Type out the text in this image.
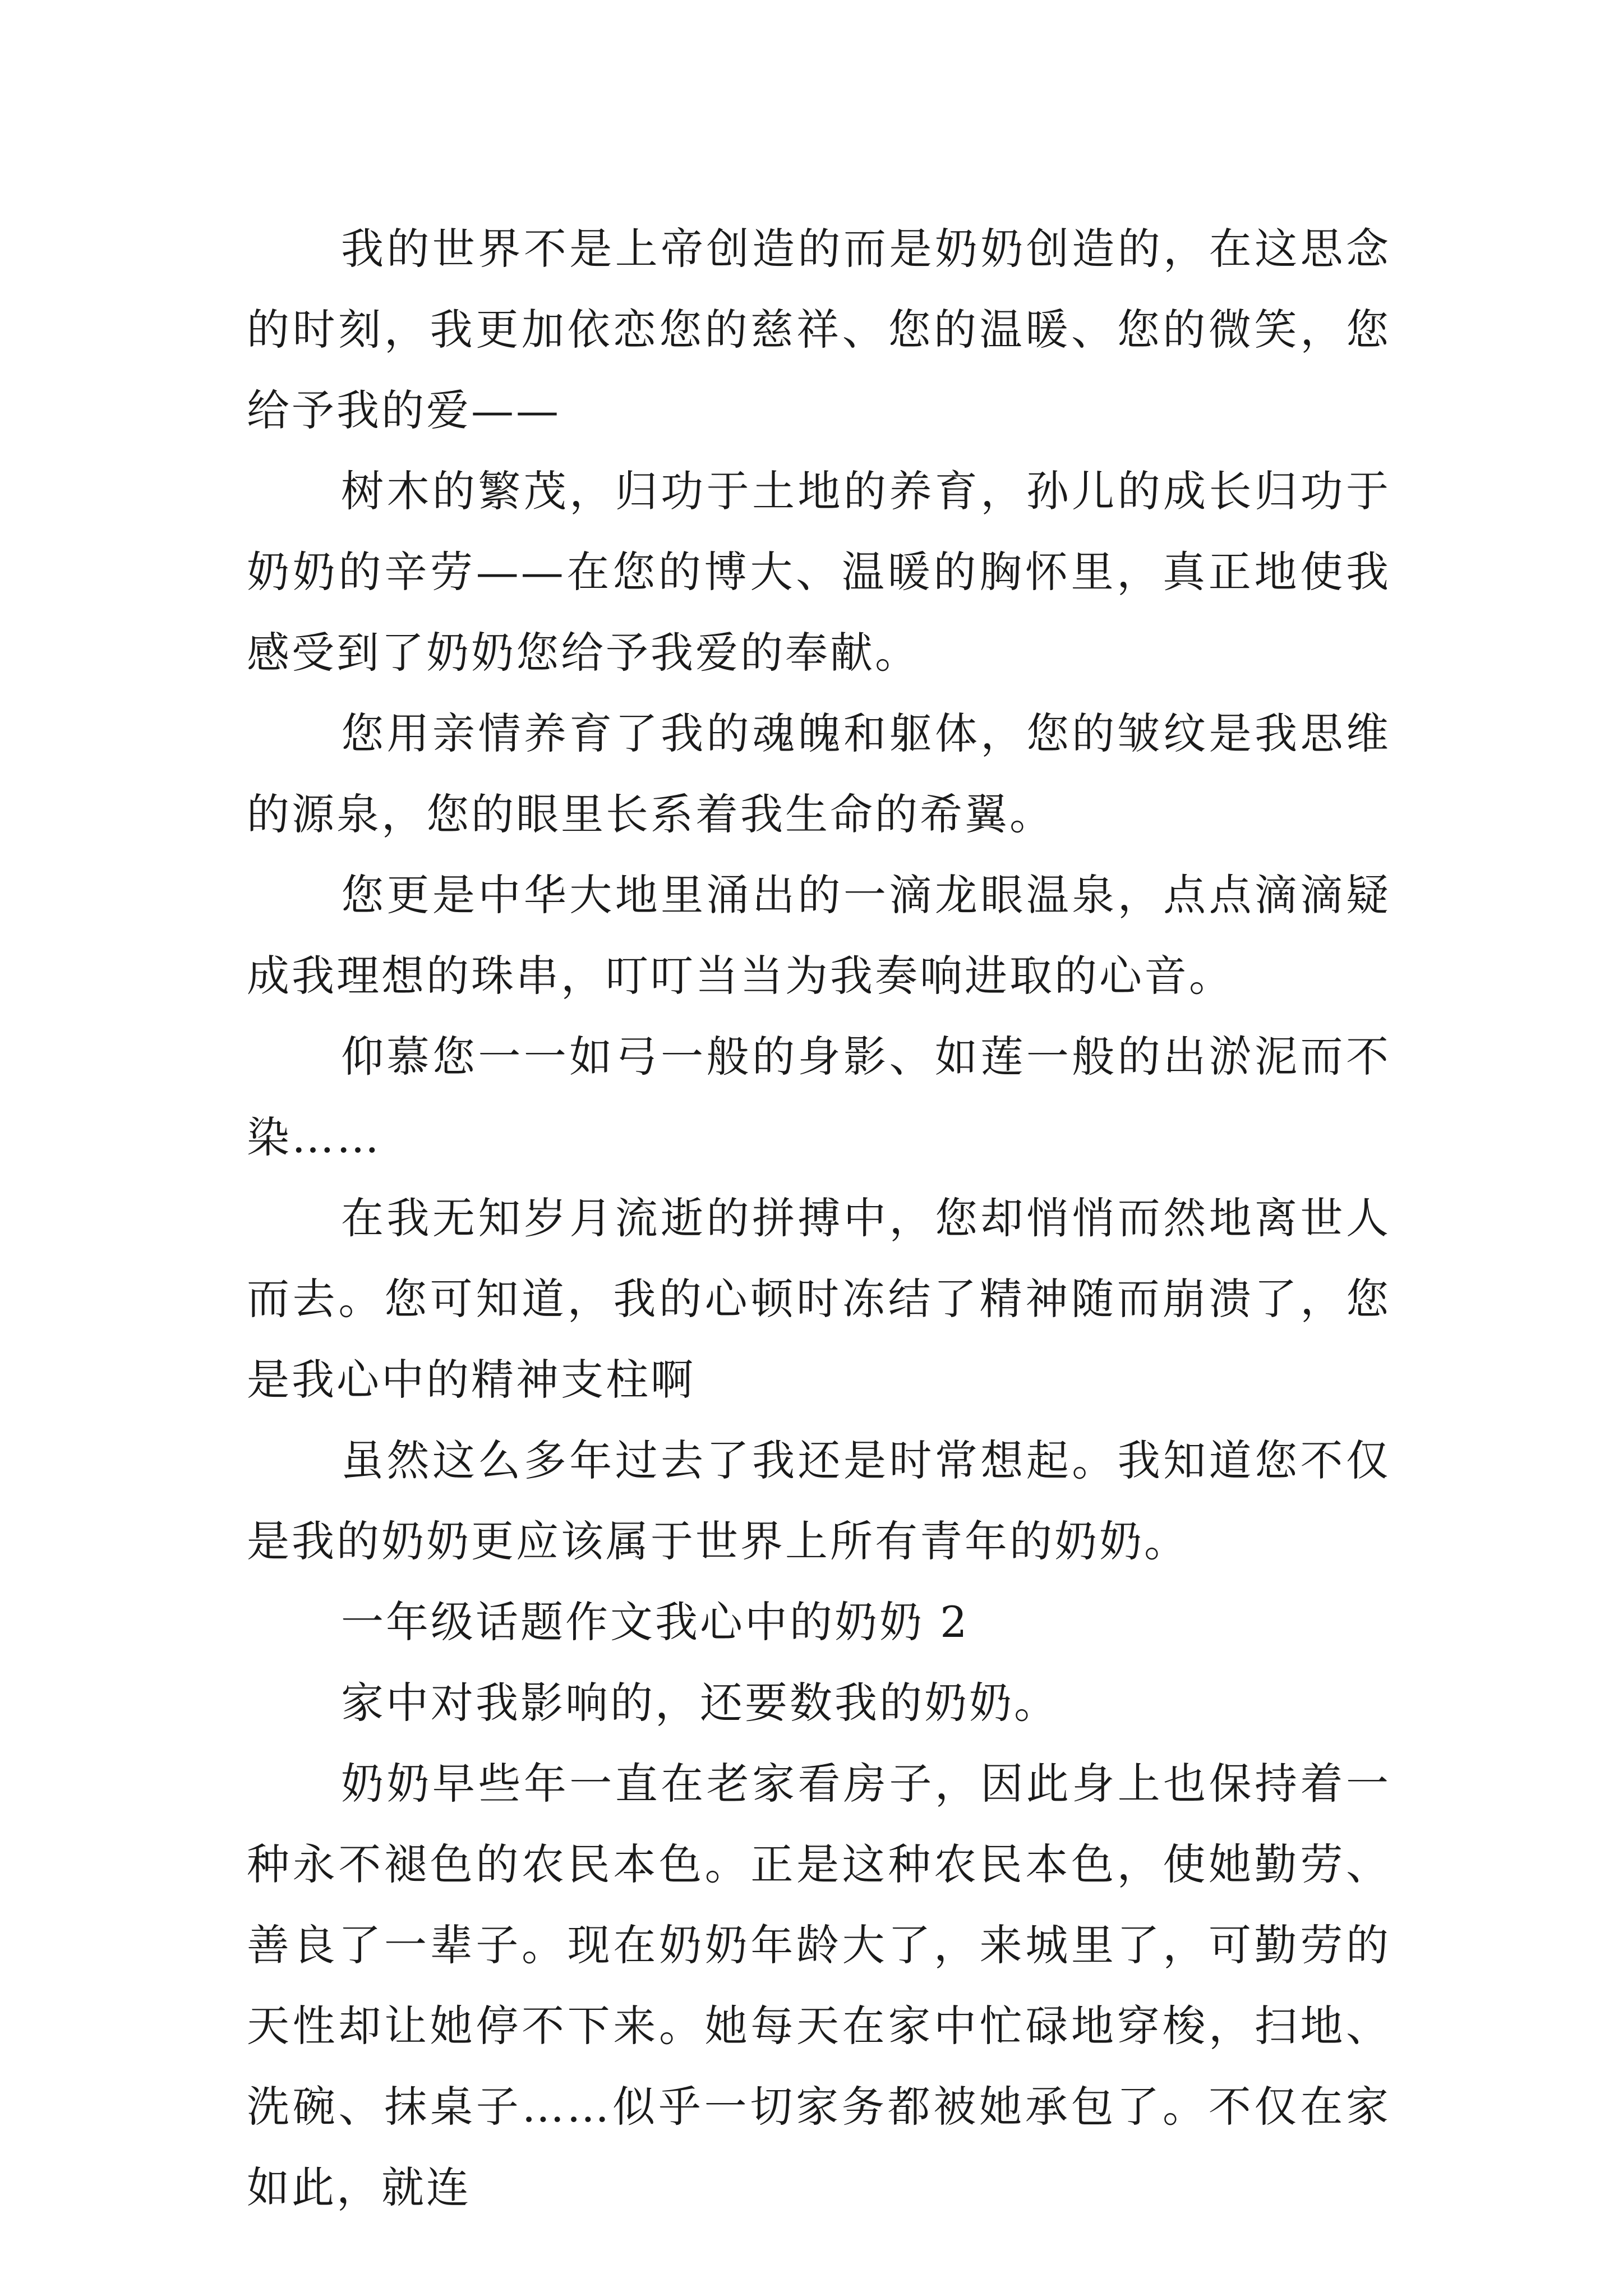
我的世界不是上帝创造的而是奶奶创造的，在这思念的时刻，我更加依恋您的慈祥、您的温暖、您的微笑，您给予我的爱——

树木的繁茂，归功于土地的养育，孙儿的成长归功于奶奶的辛劳——在您的博大、温暖的胸怀里，真正地使我感受到了奶奶您给予我爱的奉献。

您用亲情养育了我的魂魄和躯体，您的皱纹是我思维的源泉，您的眼里长系着我生命的希翼。

您更是中华大地里涌出的一滴龙眼温泉，点点滴滴疑成我理想的珠串，叮叮当当为我奏响进取的心音。

仰慕您一一如弓一般的身影、如莲一般的出淤泥而不染……

在我无知岁月流逝的拼搏中，您却悄悄而然地离世人而去。您可知道，我的心顿时冻结了精神随而崩溃了，您是我心中的精神支柱啊

虽然这么多年过去了我还是时常想起。我知道您不仅是我的奶奶更应该属于世界上所有青年的奶奶。

一年级话题作文我心中的奶奶 2

家中对我影响的，还要数我的奶奶。

奶奶早些年一直在老家看房子，因此身上也保持着一种永不褪色的农民本色。正是这种农民本色，使她勤劳、善良了一辈子。现在奶奶年龄大了，来城里了，可勤劳的天性却让她停不下来。她每天在家中忙碌地穿梭，扫地、洗碗、抹桌子……似乎一切家务都被她承包了。不仅在家如此，就连
